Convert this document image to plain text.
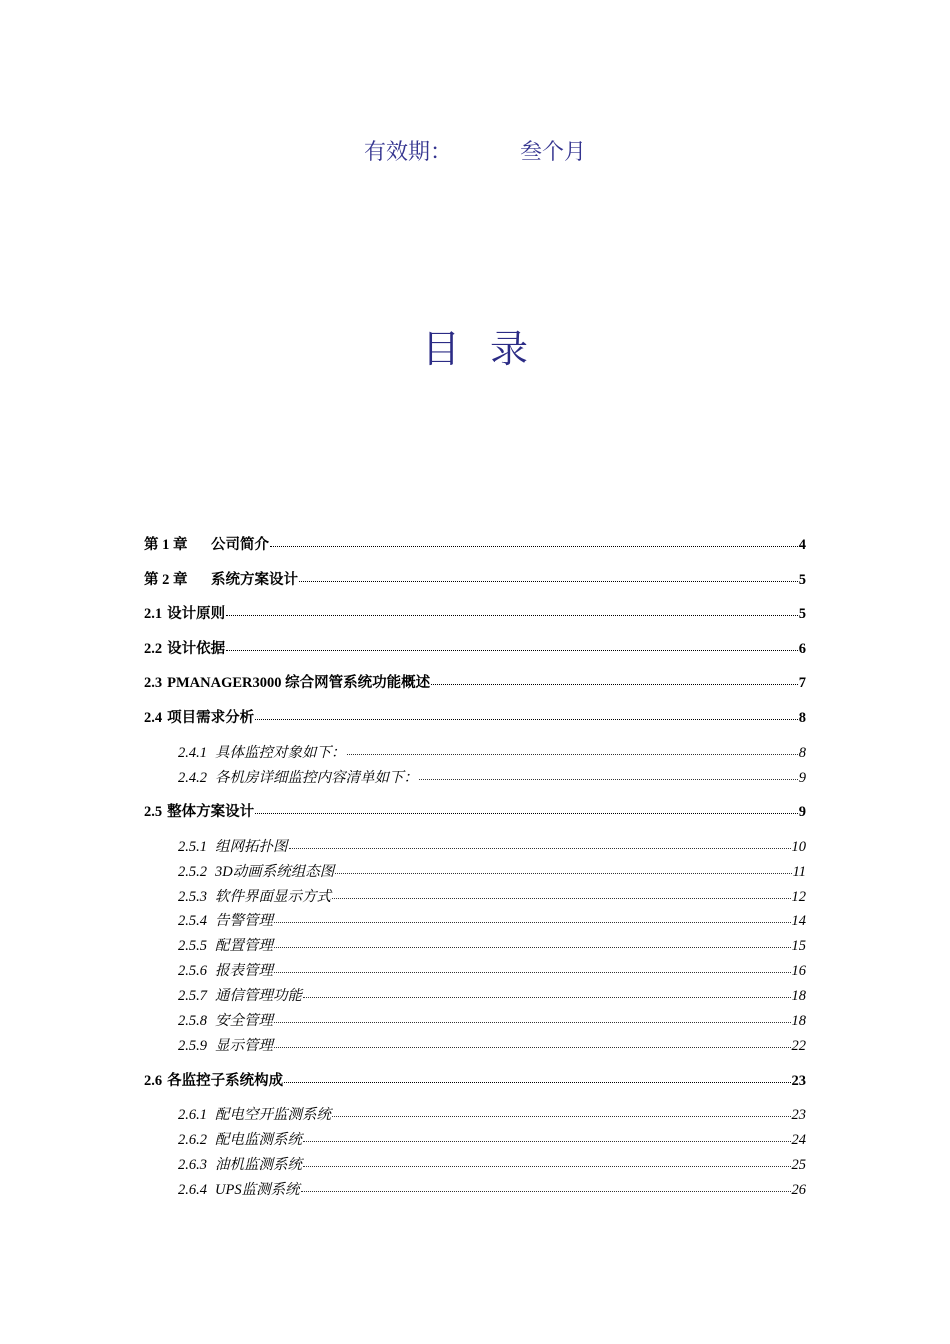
有效期：	叁个月
目录
第 1 章	公司简介	4
第 2 章	系统方案设计	5
2.1 设计原则	5
2.2 设计依据	6
2.3 PMANAGER3000 综合网管系统功能概述	7
2.4 项目需求分析	8
2.4.1 具体监控对象如下：	8
2.4.2 各机房详细监控内容清单如下：	9
2.5 整体方案设计	9
2.5.1 组网拓扑图	10
2.5.2 3D动画系统组态图	11
2.5.3 软件界面显示方式	12
2.5.4 告警管理	14
2.5.5 配置管理	15
2.5.6 报表管理	16
2.5.7 通信管理功能	18
2.5.8 安全管理	18
2.5.9 显示管理	22
2.6 各监控子系统构成	23
2.6.1 配电空开监测系统	23
2.6.2 配电监测系统	24
2.6.3 油机监测系统	25
2.6.4 UPS监测系统	26
